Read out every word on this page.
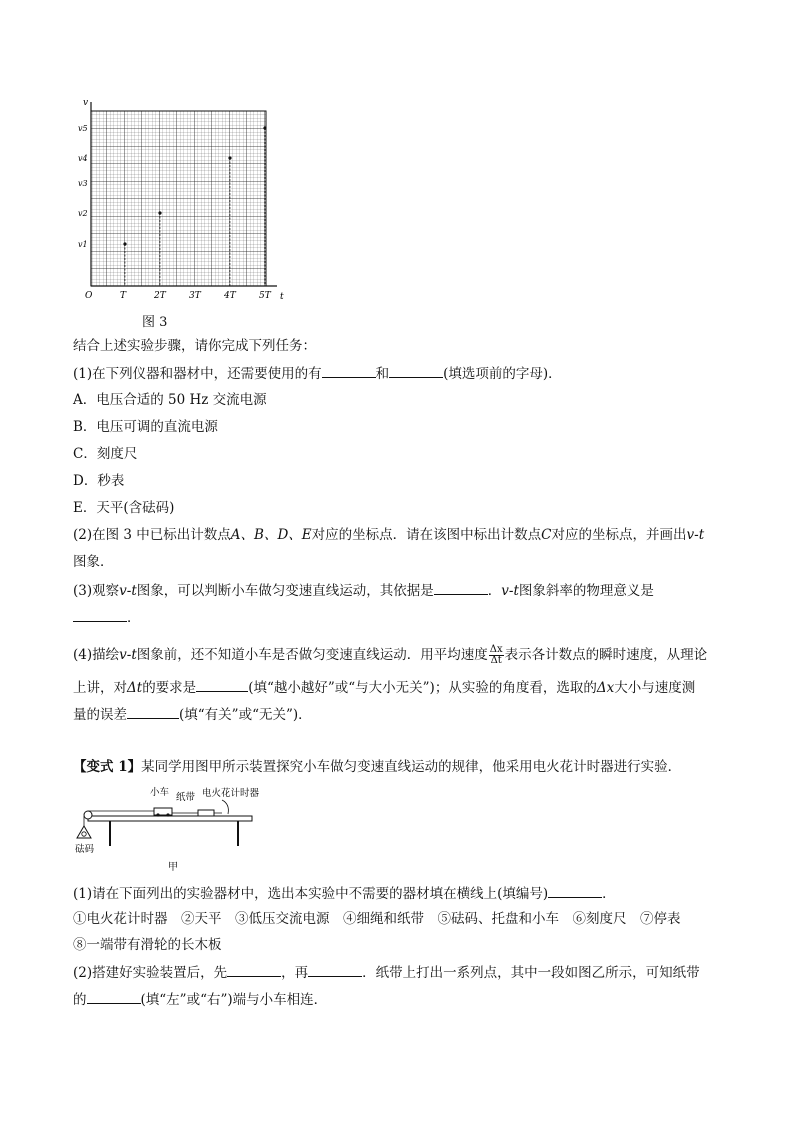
v
t
O
v5
v4
v3
v2
v1
T	2T	3T	4T	5T
图 3
结合上述实验步骤，请你完成下列任务：
(1)在下列仪器和器材中，还需要使用的有	和	(填选项前的字母)．
A．电压合适的 50 Hz 交流电源
B．电压可调的直流电源
C．刻度尺
D．秒表
E．天平(含砝码)
(2)在图 3 中已标出计数点A、B、D、E对应的坐标点．请在该图中标出计数点C对应的坐标点，并画出v-t
图象．
(3)观察v-t图象，可以判断小车做匀变速直线运动，其依据是	．v-t图象斜率的物理意义是
．
(4)描绘v-t图象前，还不知道小车是否做匀变速直线运动．用平均速度 $\frac{\Delta x}{\Delta t}$ 表示各计数点的瞬时速度，从理论
上讲，对Δt的要求是	(填“越小越好”或“与大小无关”)；从实验的角度看，选取的Δx大小与速度测
量的误差	(填“有关”或“无关”)．
【变式 1】某同学用图甲所示装置探究小车做匀变速直线运动的规律，他采用电火花计时器进行实验．
小车 纸带 电火花计时器
砝码
甲
(1)请在下面列出的实验器材中，选出本实验中不需要的器材填在横线上(填编号)	．
①电火花计时器　②天平　③低压交流电源　④细绳和纸带　⑤砝码、托盘和小车　⑥刻度尺　⑦停表
⑧一端带有滑轮的长木板
(2)搭建好实验装置后，先	，再	．纸带上打出一系列点，其中一段如图乙所示，可知纸带
的	(填“左”或“右”)端与小车相连．
